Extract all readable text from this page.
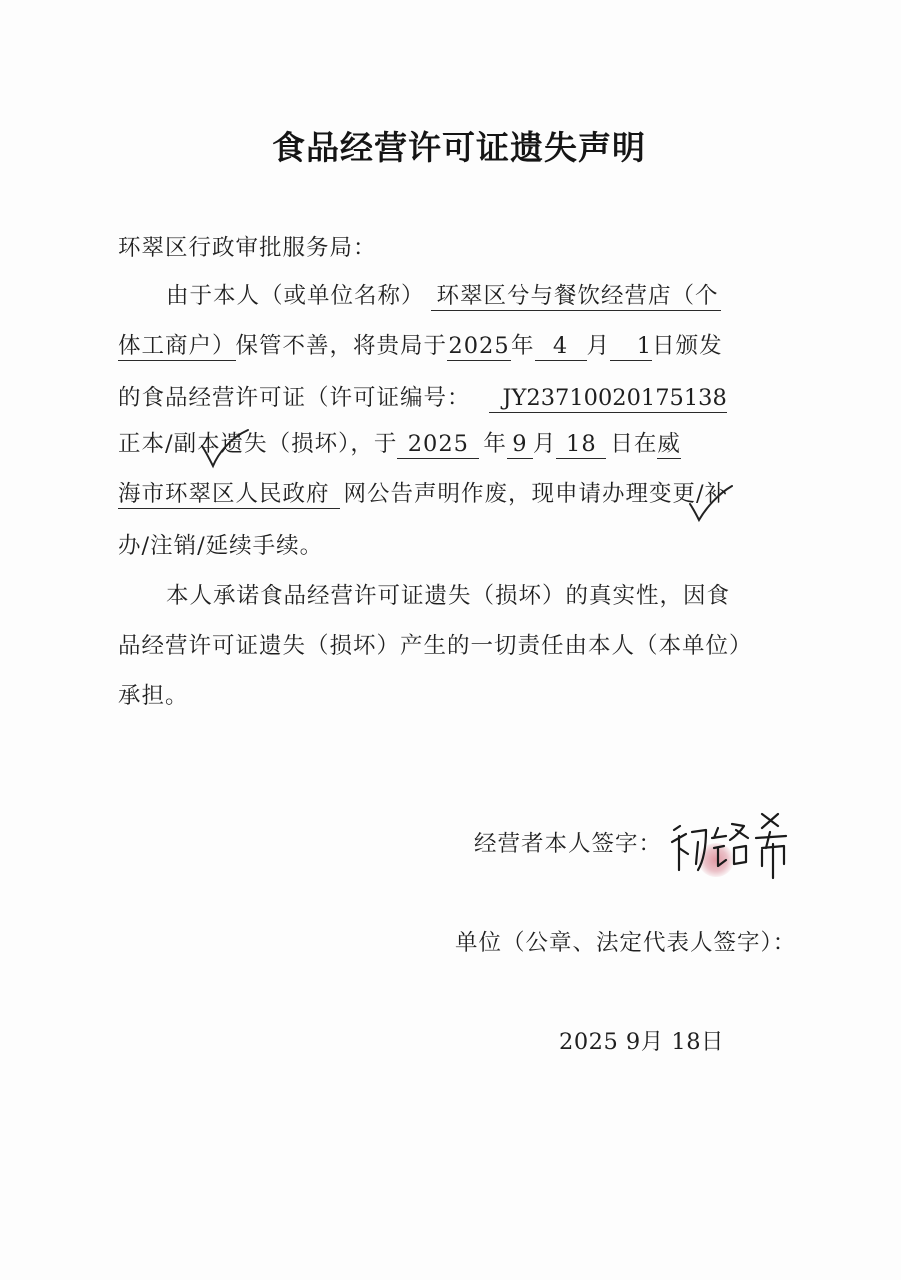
食品经营许可证遗失声明
环翠区行政审批服务局：
由于本人（或单位名称） 环翠区兮与餐饮经营店（个
体工商户）保管不善，将贵局于2025年 4 月 1日颁发
的食品经营许可证（许可证编号： JY23710020175138
正本/副本遗失（损坏），于 2025 年 9 月 18 日在威
海市环翠区人民政府 网公告声明作废，现申请办理变更/补
办/注销/延续手续。
本人承诺食品经营许可证遗失（损坏）的真实性，因食
品经营许可证遗失（损坏）产生的一切责任由本人（本单位）
承担。
经营者本人签字：
单位（公章、法定代表人签字）：
2025 9月 18日
